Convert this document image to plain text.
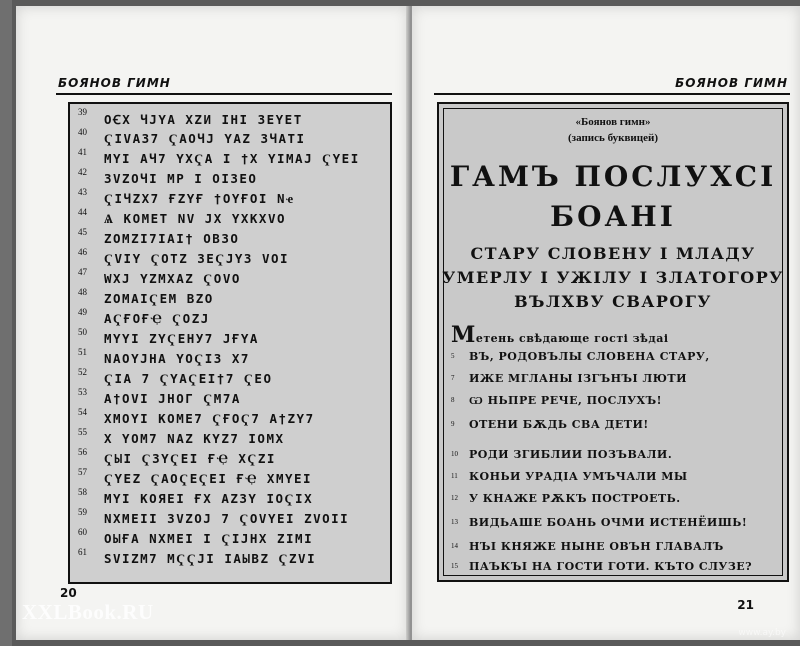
БОЯНОВ ГИМН
39 ОꞒХ ЧЈҮА ХZИ ІНІ ЗЕҮЕТ
40 ҀІVАЗ7 ҀАОЧЈ ҮАZ ЗЧАТІ
41 МҮІ АЧ7 ҮХҀА І †Х ҮІМАЈ ҀҮЕІ
42 ЗVZОЧІ МР І ОІЗЕО
43 ҀІЧZХ7 ҒZҮҒ †ОҮҒОІ Nҽ
44 Ѧ КОМЕТ NV ЈХ ҮХКХVО
45 ZОМZІ7ІАІ† ОВЗО
46 ҀVІҮ ҀОТZ ЗЕҀЈҮЗ VОІ
47 WХЈ ҮZМХАZ ҀОVО
48 ZОМАІҀЕМ ВZО
49 АҀҒОҒҾ ҀОZЈ
50 МҮҮІ ZҮҀЕНУ7 ЈҒҮА
51 NАОҮЈНА ҮОҀІЗ Х7
52 ҀІА 7 ҀҮАҀЕІ†7 ҀЕО
53 А†ОVІ ЈНОГ ҀМ7А
54 ХМОҮІ КОМЕ7 ҀҒОҀ7 А†ZҮ7
55 Х ҮОМ7 NАZ КҮZ7 ІОМХ
56 ҀЫІ ҀЗҮҀЕІ ҒҾ ХҀZІ
57 ҀҮЕZ ҀАОҀЕҀЕІ ҒҾ ХМҮЕІ
58 МҮІ КОЯЕІ ҒХ АZЗҮ ІОҀІХ
59 NХМЕІІ ЗVZОЈ 7 ҀОVҮЕІ ZVОІІ
60 ОЫҒА NХМЕІ І ҀІЈНХ ZІМІ
61 ЅVІZМ7 МҀҀЈІ ІАЫВZ ҀZVІ
20
БОЯНОВ ГИМН
«Боянов гимн»
(запись буквицей)
ГАМЪ ПОСЛУХСІ
БОАНІ
СТАРУ СЛОВЕНУ І МЛАДУ
УМЕРЛУ І УЖІЛУ І ЗЛАТОГОРУ
ВЪЛХВУ СВАРОГУ
Метень свѣдающе гості зѣдаі
5 ВЪ, РОДОВЪЛЫ СЛОВЕНА СТАРУ,
7 ИЖЕ МГЛАНЫ ІЗГЪНЪІ ЛЮТИ
8 Ѡ НЬПРЕ РЕЧЕ, ПОСЛУХЪ!
9 ОТЕНИ БѪДЬ СВА ДЕТИ!
10 РОДИ ЗГИБЛИИ ПОЗЪВАЛИ.
11 КОНЬИ УРАДІА УМЪЧАЛИ МЫ
12 У КНАЖЕ РѪКЪ ПОСТРОЕТЬ.
13 ВИДЬАШЕ БОАНЬ ОЧМИ ИСТЕНЁИШЬ!
14 НЪІ КНЯЖЕ НЫНЕ ОВЪН ГЛАВАЛЪ
15 ПАЪКЪІ НА ГОСТИ ГОТИ. КЪТО СЛУЗЕ?
21
XXLBook.RU
www.ay.by
